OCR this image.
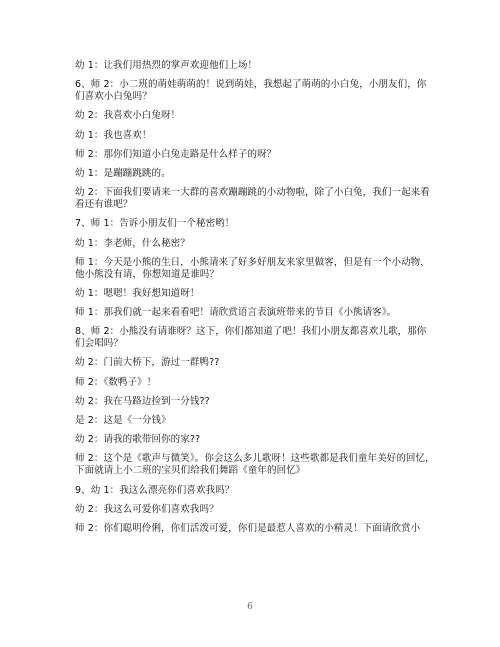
幼 1：让我们用热烈的掌声欢迎他们上场！

6、师 2：小二班的萌娃萌萌的！说到萌娃，我想起了萌萌的小白兔，小朋友们，你们喜欢小白兔吗？

幼 2：我喜欢小白兔呀！

幼 1：我也喜欢！

师 2：那你们知道小白兔走路是什么样子的呀？

幼 1：是蹦蹦跳跳的。

幼 2：下面我们要请来一大群的喜欢蹦蹦跳的小动物啦，除了小白兔，我们一起来看看还有谁吧？

7、师 1：告诉小朋友们一个秘密哟！

幼 1：李老师，什么秘密？

师 1：今天是小熊的生日，小熊请来了好多好朋友来家里做客，但是有一个小动物，他小熊没有请，你想知道是谁吗？

幼 1：嗯嗯！我好想知道呀！

师 1：那我们就一起来看看吧！请欣赏语言表演班带来的节目《小熊请客》。

8、师 2：小熊没有请谁呀？这下，你们都知道了吧！我们小朋友都喜欢儿歌，那你们会唱吗？

幼 2：门前大桥下，游过一群鸭??

师 2：《数鸭子》！

幼 2：我在马路边捡到一分钱??

是 2：这是《一分钱》

幼 2：请我的歌带回你的家??

师 2：这个是《歌声与微笑》。你会这么多儿歌呀！这些歌都是我们童年美好的回忆，下面就请上小二班的宝贝们给我们舞蹈《童年的回忆》

9、幼 1：我这么漂亮你们喜欢我吗？

幼 2：我这么可爱你们喜欢我吗？

师 2：你们聪明伶俐，你们活泼可爱，你们是最惹人喜欢的小精灵！下面请欣赏小

6
